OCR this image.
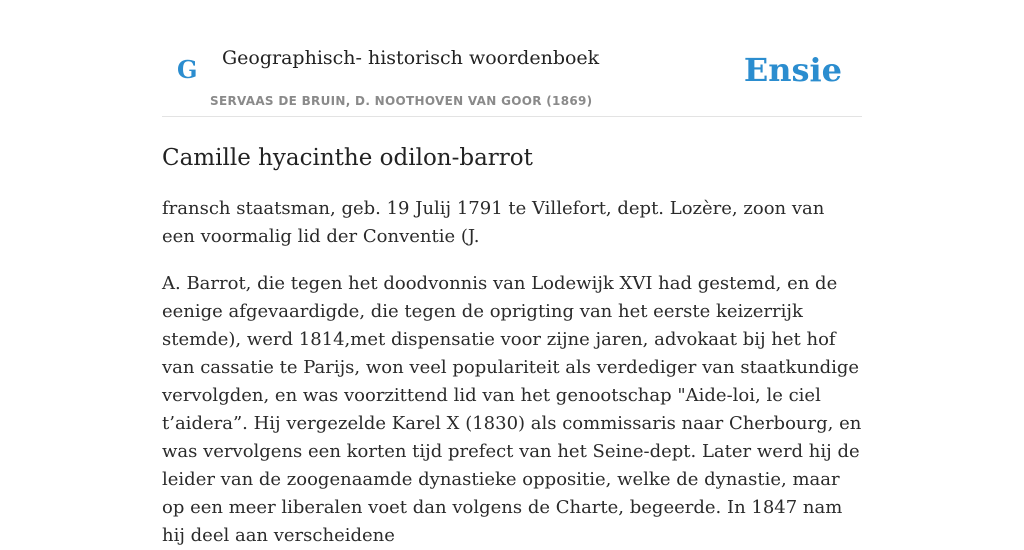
G Geographisch- historisch woordenboek
SERVAAS DE BRUIN, D. NOOTHOVEN VAN GOOR (1869)
Ensie
Camille hyacinthe odilon-barrot

fransch staatsman, geb. 19 Julij 1791 te Villefort, dept. Lozère, zoon van een voormalig lid der Conventie (J.

A. Barrot, die tegen het doodvonnis van Lodewijk XVI had gestemd, en de eenige afgevaardigde, die tegen de oprigting van het eerste keizerrijk stemde), werd 1814,met dispensatie voor zijne jaren, advokaat bij het hof van cassatie te Parijs, won veel populariteit als verdediger van staatkundige vervolgden, en was voorzittend lid van het genootschap "Aide-loi, le ciel t’aidera”. Hij vergezelde Karel X (1830) als commissaris naar Cherbourg, en was vervolgens een korten tijd prefect van het Seine-dept. Later werd hij de leider van de zoogenaamde dynastieke oppositie, welke de dynastie, maar op een meer liberalen voet dan volgens de Charte, begeerde. In 1847 nam hij deel aan verscheidene
